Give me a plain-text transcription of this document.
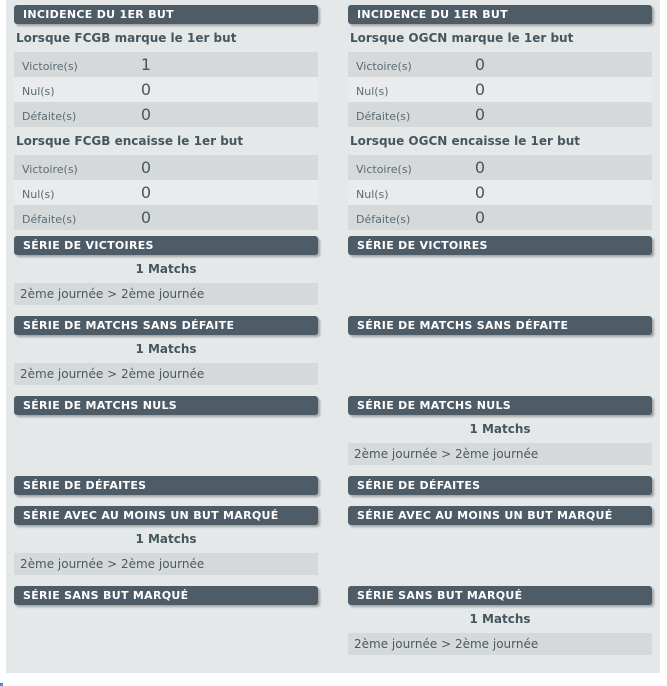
INCIDENCE DU 1ER BUT
Lorsque FCGB marque le 1er but
Victoire(s)	1
Nul(s)	0
Défaite(s)	0
Lorsque FCGB encaisse le 1er but
Victoire(s)	0
Nul(s)	0
Défaite(s)	0
INCIDENCE DU 1ER BUT
Lorsque OGCN marque le 1er but
Victoire(s)	0
Nul(s)	0
Défaite(s)	0
Lorsque OGCN encaisse le 1er but
Victoire(s)	0
Nul(s)	0
Défaite(s)	0
SÉRIE DE VICTOIRES
1 Matchs
2ème journée > 2ème journée
SÉRIE DE VICTOIRES
SÉRIE DE MATCHS SANS DÉFAITE
1 Matchs
2ème journée > 2ème journée
SÉRIE DE MATCHS SANS DÉFAITE
SÉRIE DE MATCHS NULS	SÉRIE DE MATCHS NULS
1 Matchs
2ème journée > 2ème journée
SÉRIE DE DÉFAITES	SÉRIE DE DÉFAITES
SÉRIE AVEC AU MOINS UN BUT MARQUÉ
1 Matchs
2ème journée > 2ème journée
SÉRIE AVEC AU MOINS UN BUT MARQUÉ
SÉRIE SANS BUT MARQUÉ	SÉRIE SANS BUT MARQUÉ
1 Matchs
2ème journée > 2ème journée
